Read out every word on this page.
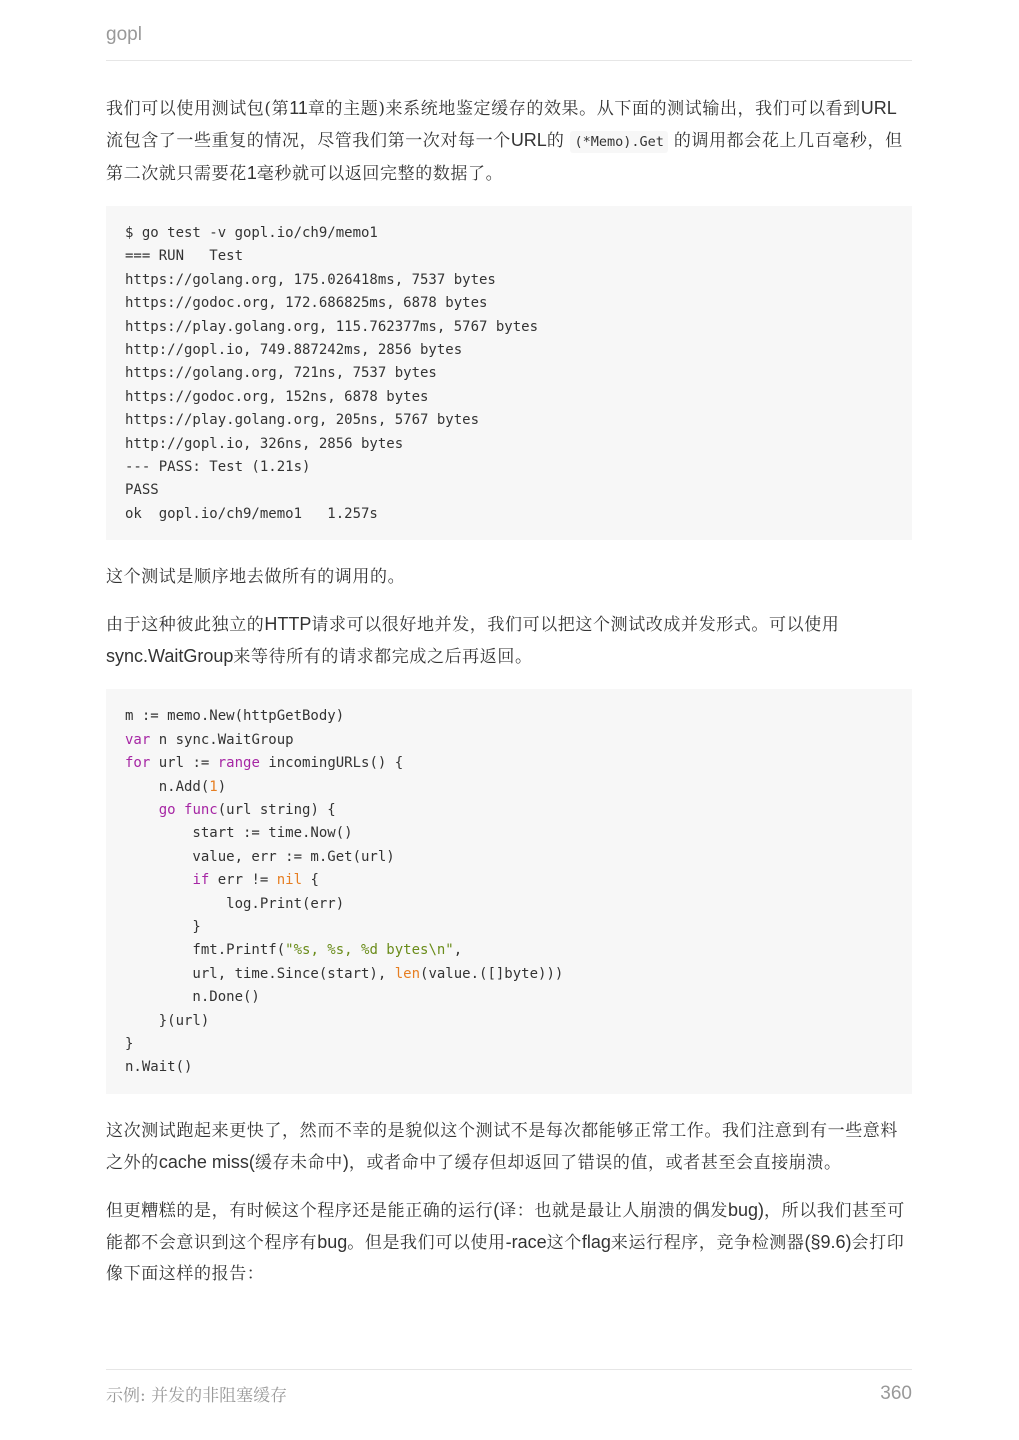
gopl

我们可以使用测试包(第11章的主题)来系统地鉴定缓存的效果。从下面的测试输出，我们可以看到URL流包含了一些重复的情况，尽管我们第一次对每一个URL的 (*Memo).Get 的调用都会花上几百毫秒，但第二次就只需要花1毫秒就可以返回完整的数据了。

$ go test -v gopl.io/ch9/memo1
=== RUN   Test
https://golang.org, 175.026418ms, 7537 bytes
https://godoc.org, 172.686825ms, 6878 bytes
https://play.golang.org, 115.762377ms, 5767 bytes
http://gopl.io, 749.887242ms, 2856 bytes
https://golang.org, 721ns, 7537 bytes
https://godoc.org, 152ns, 6878 bytes
https://play.golang.org, 205ns, 5767 bytes
http://gopl.io, 326ns, 2856 bytes
--- PASS: Test (1.21s)
PASS
ok  gopl.io/ch9/memo1   1.257s

这个测试是顺序地去做所有的调用的。

由于这种彼此独立的HTTP请求可以很好地并发，我们可以把这个测试改成并发形式。可以使用sync.WaitGroup来等待所有的请求都完成之后再返回。

m := memo.New(httpGetBody)
var n sync.WaitGroup
for url := range incomingURLs() {
n.Add(1)
go func(url string) {
start := time.Now()
value, err := m.Get(url)
if err != nil {
log.Print(err)
}
fmt.Printf("%s, %s, %d bytes\n",
url, time.Since(start), len(value.([]byte)))
n.Done()
}(url)
}
n.Wait()

这次测试跑起来更快了，然而不幸的是貌似这个测试不是每次都能够正常工作。我们注意到有一些意料之外的cache miss(缓存未命中)，或者命中了缓存但却返回了错误的值，或者甚至会直接崩溃。

但更糟糕的是，有时候这个程序还是能正确的运行(译：也就是最让人崩溃的偶发bug)，所以我们甚至可能都不会意识到这个程序有bug。但是我们可以使用-race这个flag来运行程序，竞争检测器(§9.6)会打印像下面这样的报告：

示例: 并发的非阻塞缓存	360
